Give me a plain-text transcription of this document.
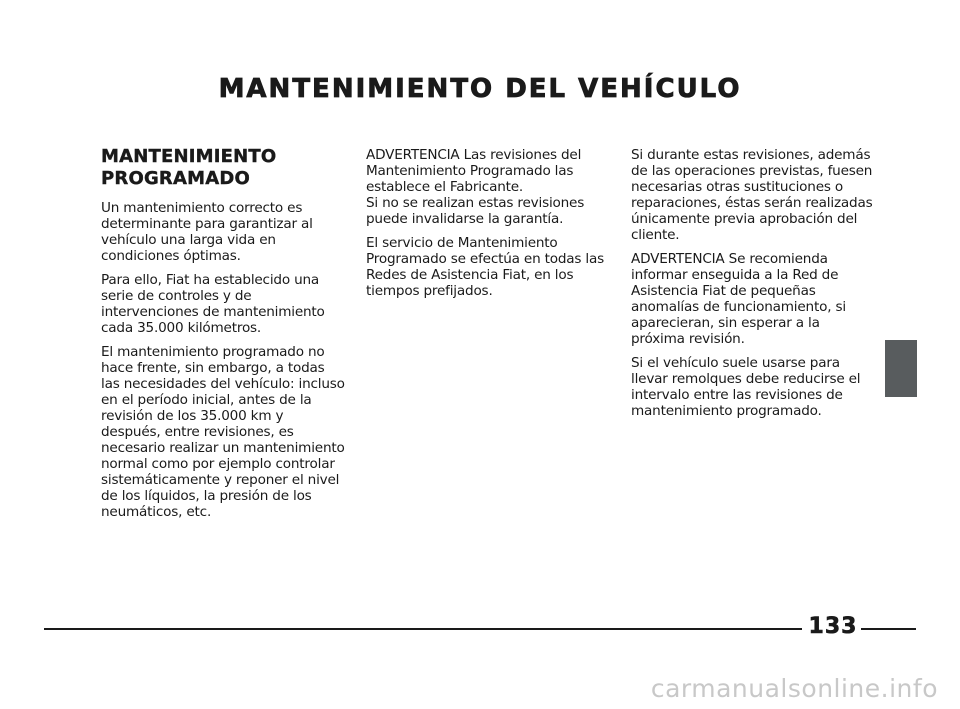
MANTENIMIENTO DEL VEHÍCULO
MANTENIMIENTO
PROGRAMADO

Un mantenimiento correcto es determinante para garantizar al vehículo una larga vida en condiciones óptimas.

Para ello, Fiat ha establecido una serie de controles y de intervenciones de mantenimiento cada 35.000 kilómetros.

El mantenimiento programado no hace frente, sin embargo, a todas las necesidades del vehículo: incluso en el período inicial, antes de la revisión de los 35.000 km y después, entre revisiones, es necesario realizar un mantenimiento normal como por ejemplo controlar sistemáticamente y reponer el nivel de los líquidos, la presión de los neumáticos, etc.

ADVERTENCIA Las revisiones del Mantenimiento Programado las establece el Fabricante.

Si no se realizan estas revisiones puede invalidarse la garantía.

El servicio de Mantenimiento Programado se efectúa en todas las Redes de Asistencia Fiat, en los tiempos prefijados.

Si durante estas revisiones, además de las operaciones previstas, fuesen necesarias otras sustituciones o reparaciones, éstas serán realizadas únicamente previa aprobación del cliente.

ADVERTENCIA Se recomienda informar enseguida a la Red de Asistencia Fiat de pequeñas anomalías de funcionamiento, si aparecieran, sin esperar a la próxima revisión.

Si el vehículo suele usarse para llevar remolques debe reducirse el intervalo entre las revisiones de mantenimiento programado.

133
carmanualsonline.info
